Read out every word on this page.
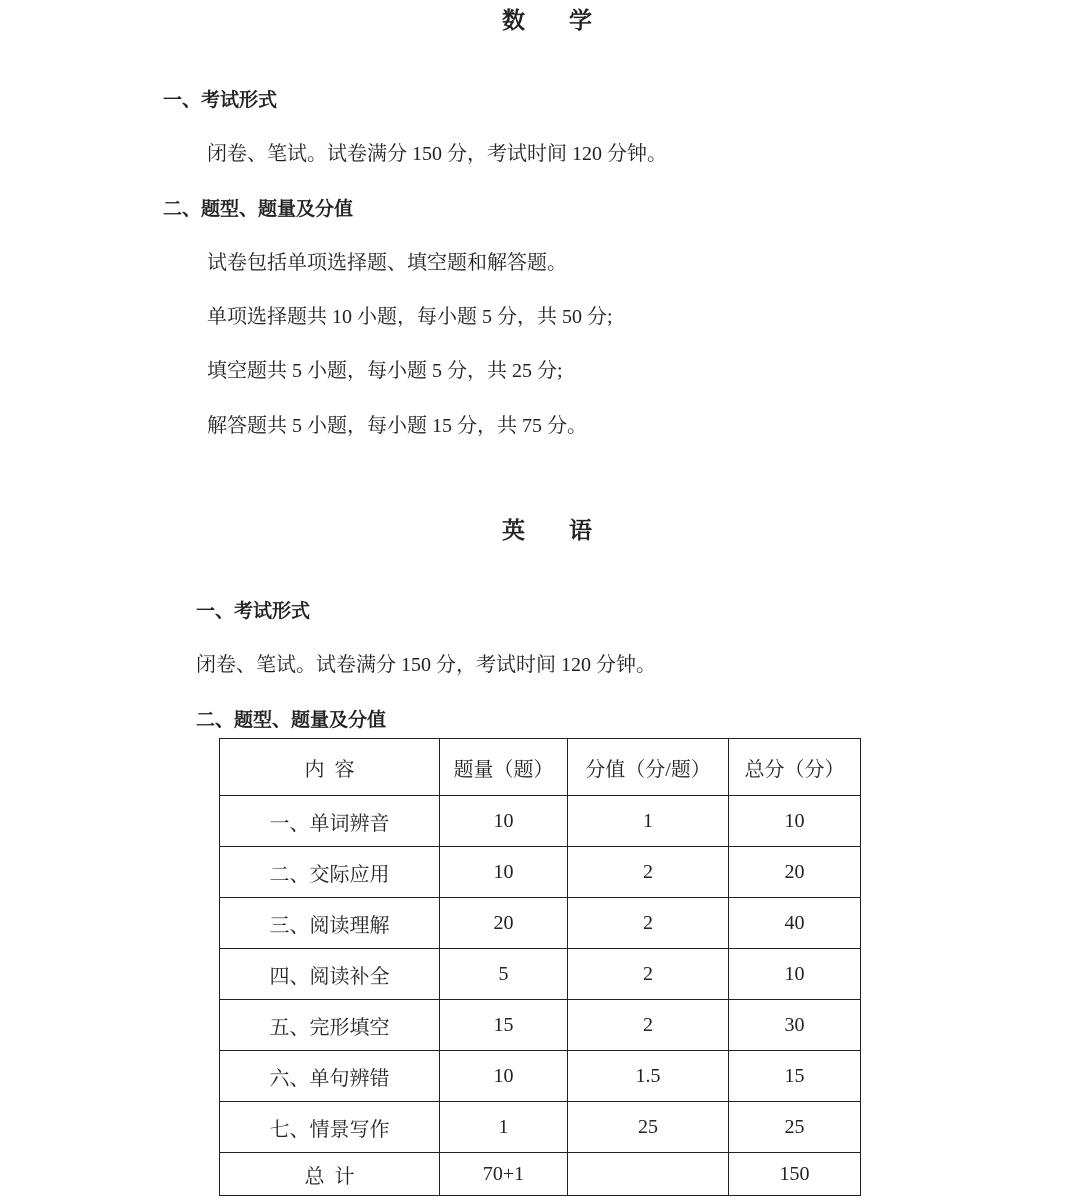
数 学
一、考试形式
闭卷、笔试。试卷满分 150 分，考试时间 120 分钟。
二、题型、题量及分值
试卷包括单项选择题、填空题和解答题。
单项选择题共 10 小题，每小题 5 分，共 50 分;
填空题共 5 小题，每小题 5 分，共 25 分;
解答题共 5 小题，每小题 15 分，共 75 分。
英 语
一、考试形式
闭卷、笔试。试卷满分 150 分，考试时间 120 分钟。
二、题型、题量及分值
内  容	题量（题）	分值（分/题）	总分（分）
一、单词辨音	10	1	10
二、交际应用	10	2	20
三、阅读理解	20	2	40
四、阅读补全	5	2	10
五、完形填空	15	2	30
六、单句辨错	10	1.5	15
七、情景写作	1	25	25
总  计	70+1		150
